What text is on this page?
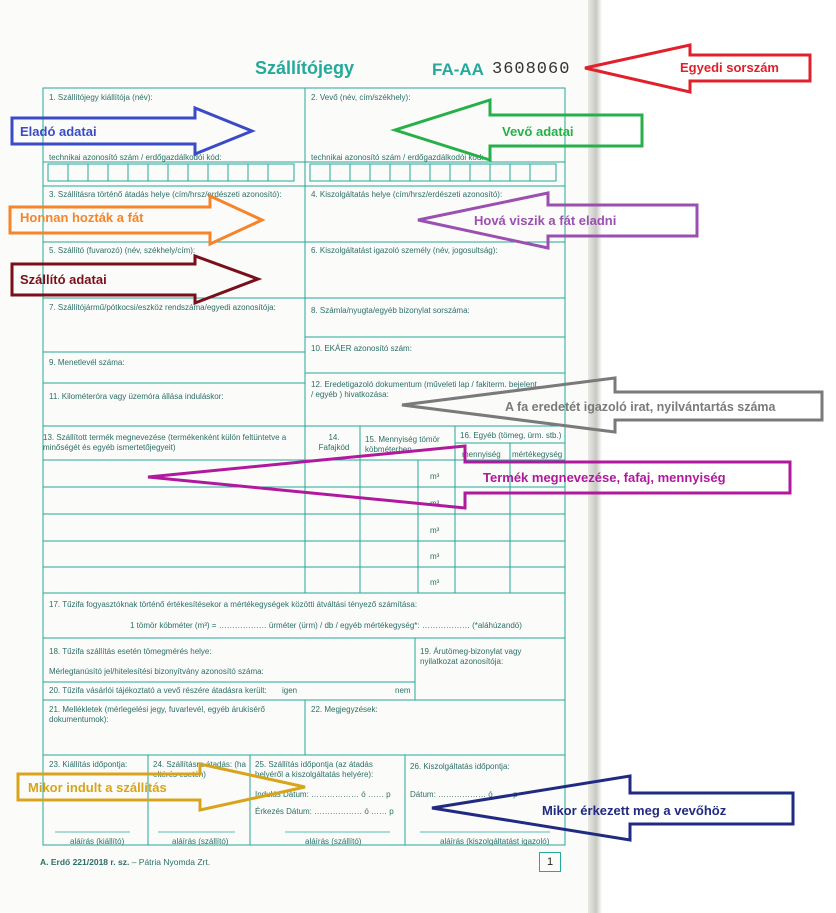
Szállítójegy	FA-AA 3608060
1. Szállítójegy kiállítója (név):
technikai azonosító szám / erdőgazdálkodói kód:
2. Vevő (név, cím/székhely):
technikai azonosító szám / erdőgazdálkodói kód:
3. Szállításra történő átadás helye (cím/hrsz/erdészeti azonosító):	4. Kiszolgáltatás helye (cím/hrsz/erdészeti azonosító):
5. Szállító (fuvarozó) (név, székhely/cím):	6. Kiszolgáltatást igazoló személy (név, jogosultság):
7. Szállítójármű/pótkocsi/eszköz rendszáma/egyedi azonosítója:	8. Számla/nyugta/egyéb bizonylat sorszáma:
9. Menetlevél száma:
10. EKÁER azonosító szám:
11. Kilométeróra vagy üzemóra állása induláskor:
12. Eredetigazoló dokumentum (műveleti lap / fakiterm. bejelent. / egyéb ) hivatkozása:
13. Szállított termék megnevezése (termékenként külön feltüntetve a minőségét és egyéb ismertetőjegyeit)
14. Fafajkód
15. Mennyiség tömör köbméterben
16. Egyéb (tömeg, ürm. stb.)
mennyiség mértékegység
m³
m³
m³
m³
m³
17. Tűzifa fogyasztóknak történő értékesítésekor a mértékegységek közötti átváltási tényező számítása:
1 tömör köbméter (m³) = ……………… ürméter (ürm) / db / egyéb mértékegység*: ……………… (*aláhúzandó)
18. Tűzifa szállítás esetén tömegmérés helye:
Mérlegtanúsító jel/hitelesítési bizonyítvány azonosító száma:
19. Árutömeg-bizonylat vagy nyilatkozat azonosítója:
20. Tűzifa vásárlói tájékoztató a vevő részére átadásra került: igen	nem
21. Mellékletek (mérlegelési jegy, fuvarlevél, egyéb árukísérő dokumentumok):
22. Megjegyzések:
23. Kiállítás időpontja:	24. Szállításra átadás: (ha eltérés esetén)
25. Szállítás időpontja (az átadás helyéről a kiszolgáltatás helyére):
Indulás Dátum: ……………… ó …… p
Érkezés Dátum: ……………… ó …… p
26. Kiszolgáltatás időpontja:
Dátum: ……………… ó …… p
aláírás (kiállító)	aláírás (szállító)	aláírás (szállító)	aláírás (kiszolgáltatást igazoló)
A. Erdő 221/2018 r. sz. – Pátria Nyomda Zrt.	1
Egyedi sorszám
Eladó adatai	Vevő adatai
Honnan hozták a fát	Hová viszik a fát eladni
Szállító adatai
A fa eredetét igazoló irat, nyilvántartás száma
Termék megnevezése, fafaj, mennyiség
Mikor indult a szállítás
Mikor érkezett meg a vevőhöz
